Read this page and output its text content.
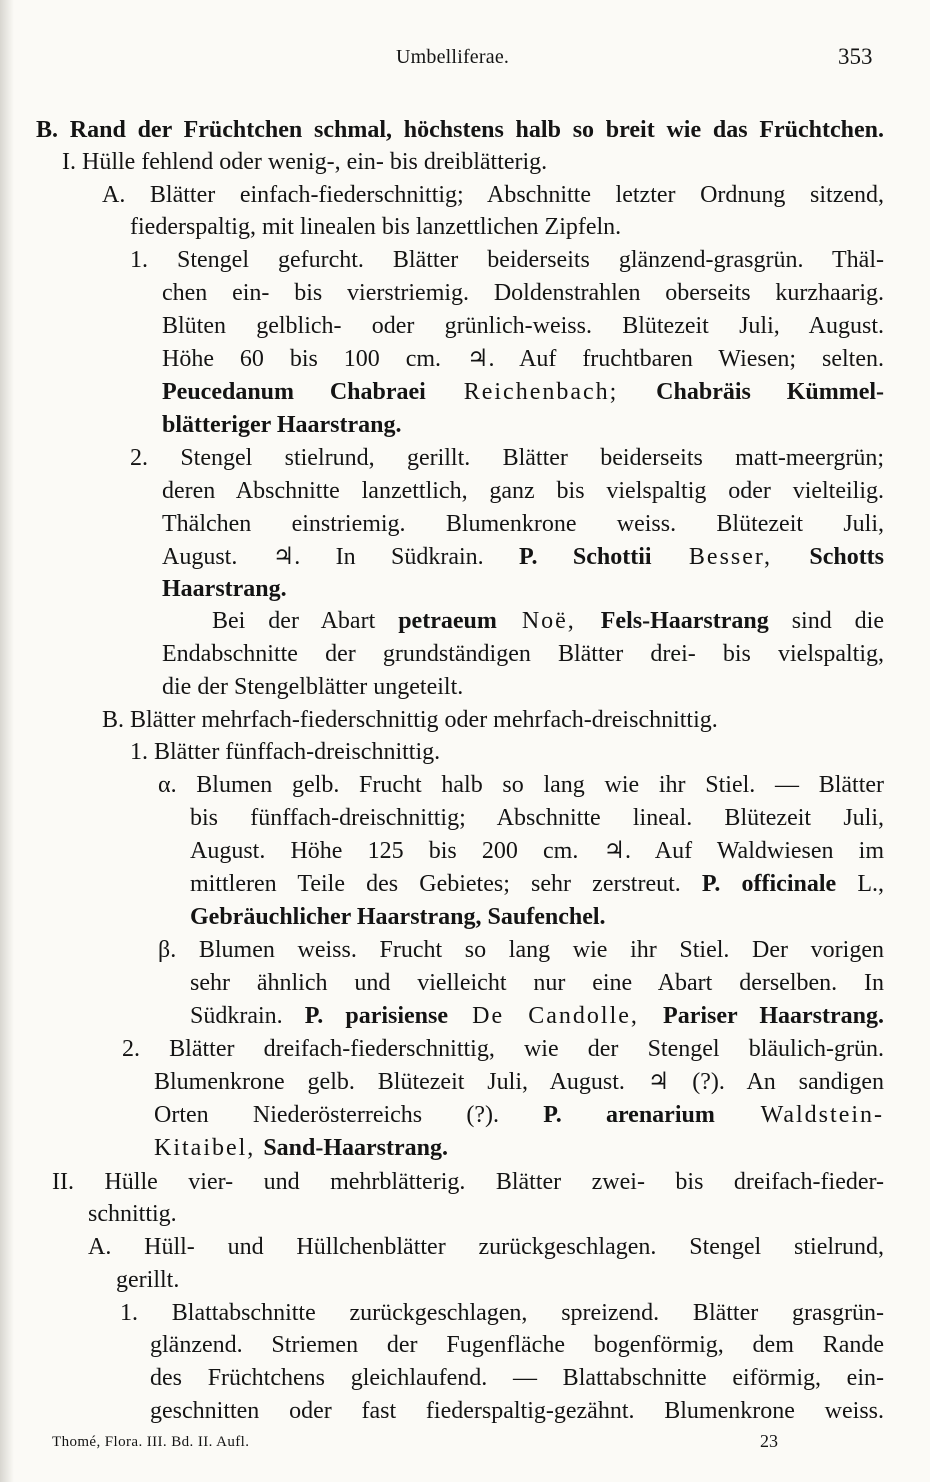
Umbelliferae.	353
B. Rand der Früchtchen schmal, höchstens halb so breit wie das Früchtchen.
I. Hülle fehlend oder wenig-, ein- bis dreiblätterig.
A. Blätter einfach-fiederschnittig; Abschnitte letzter Ordnung sitzend,
fiederspaltig, mit linealen bis lanzettlichen Zipfeln.
1. Stengel gefurcht. Blätter beiderseits glänzend-grasgrün. Thäl-
chen ein- bis vierstriemig. Doldenstrahlen oberseits kurzhaarig.
Blüten gelblich- oder grünlich-weiss. Blütezeit Juli, August.
Höhe 60 bis 100 cm. ♃. Auf fruchtbaren Wiesen; selten.
Peucedanum Chabraei Reichenbach; Chabräis Kümmel-
blätteriger Haarstrang.
2. Stengel stielrund, gerillt. Blätter beiderseits matt-meergrün;
deren Abschnitte lanzettlich, ganz bis vielspaltig oder vielteilig.
Thälchen einstriemig. Blumenkrone weiss. Blütezeit Juli,
August. ♃. In Südkrain. P. Schottii Besser, Schotts
Haarstrang.
Bei der Abart petraeum Noë, Fels-Haarstrang sind die
Endabschnitte der grundständigen Blätter drei- bis vielspaltig,
die der Stengelblätter ungeteilt.
B. Blätter mehrfach-fiederschnittig oder mehrfach-dreischnittig.
1. Blätter fünffach-dreischnittig.
α. Blumen gelb. Frucht halb so lang wie ihr Stiel. — Blätter
bis fünffach-dreischnittig; Abschnitte lineal. Blütezeit Juli,
August. Höhe 125 bis 200 cm. ♃. Auf Waldwiesen im
mittleren Teile des Gebietes; sehr zerstreut. P. officinale L.,
Gebräuchlicher Haarstrang, Saufenchel.
β. Blumen weiss. Frucht so lang wie ihr Stiel. Der vorigen
sehr ähnlich und vielleicht nur eine Abart derselben. In
Südkrain. P. parisiense De Candolle, Pariser Haarstrang.
2. Blätter dreifach-fiederschnittig, wie der Stengel bläulich-grün.
Blumenkrone gelb. Blütezeit Juli, August. ♃ (?). An sandigen
Orten Niederösterreichs (?). P. arenarium Waldstein-
Kitaibel, Sand-Haarstrang.
II. Hülle vier- und mehrblätterig. Blätter zwei- bis dreifach-fieder-
schnittig.
A. Hüll- und Hüllchenblätter zurückgeschlagen. Stengel stielrund,
gerillt.
1. Blattabschnitte zurückgeschlagen, spreizend. Blätter grasgrün-
glänzend. Striemen der Fugenfläche bogenförmig, dem Rande
des Früchtchens gleichlaufend. — Blattabschnitte eiförmig, ein-
geschnitten oder fast fiederspaltig-gezähnt. Blumenkrone weiss.
Thomé, Flora. III. Bd. II. Aufl.	23
